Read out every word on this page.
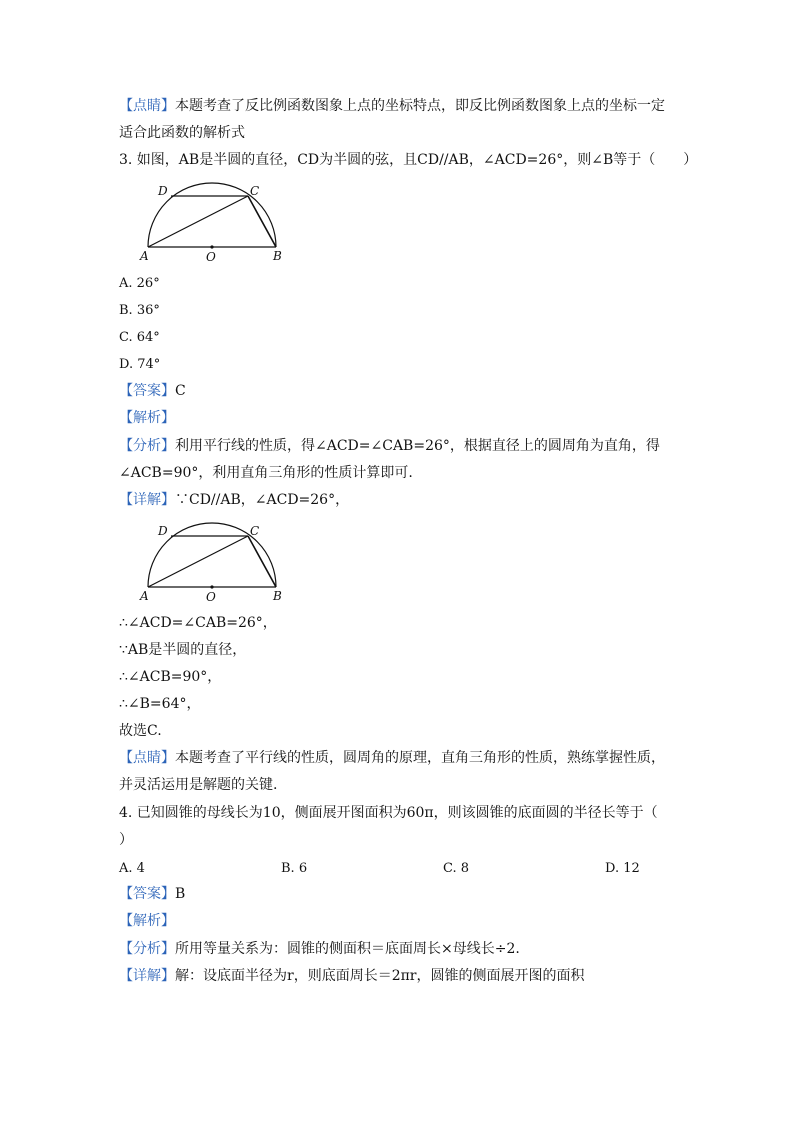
【点睛】本题考查了反比例函数图象上点的坐标特点，即反比例函数图象上点的坐标一定
适合此函数的解析式
3. 如图，AB是半圆的直径，CD为半圆的弦，且CD//AB，∠ACD=26°，则∠B等于（　　）
D	C
A	O	B
A. 26°
B. 36°
C. 64°
D. 74°
【答案】C
【解析】
【分析】利用平行线的性质，得∠ACD=∠CAB=26°，根据直径上的圆周角为直角，得
∠ACB=90°，利用直角三角形的性质计算即可.
【详解】∵CD//AB，∠ACD=26°，
D	C
A	O	B
∴∠ACD=∠CAB=26°，
∵AB是半圆的直径，
∴∠ACB=90°，
∴∠B=64°，
故选C.
【点睛】本题考查了平行线的性质，圆周角的原理，直角三角形的性质，熟练掌握性质，
并灵活运用是解题的关键.
4. 已知圆锥的母线长为10，侧面展开图面积为60π，则该圆锥的底面圆的半径长等于（
）
A. 4	B. 6	C. 8	D. 12
【答案】B
【解析】
【分析】所用等量关系为：圆锥的侧面积＝底面周长×母线长÷2.
【详解】解：设底面半径为r，则底面周长＝2πr，圆锥的侧面展开图的面积
